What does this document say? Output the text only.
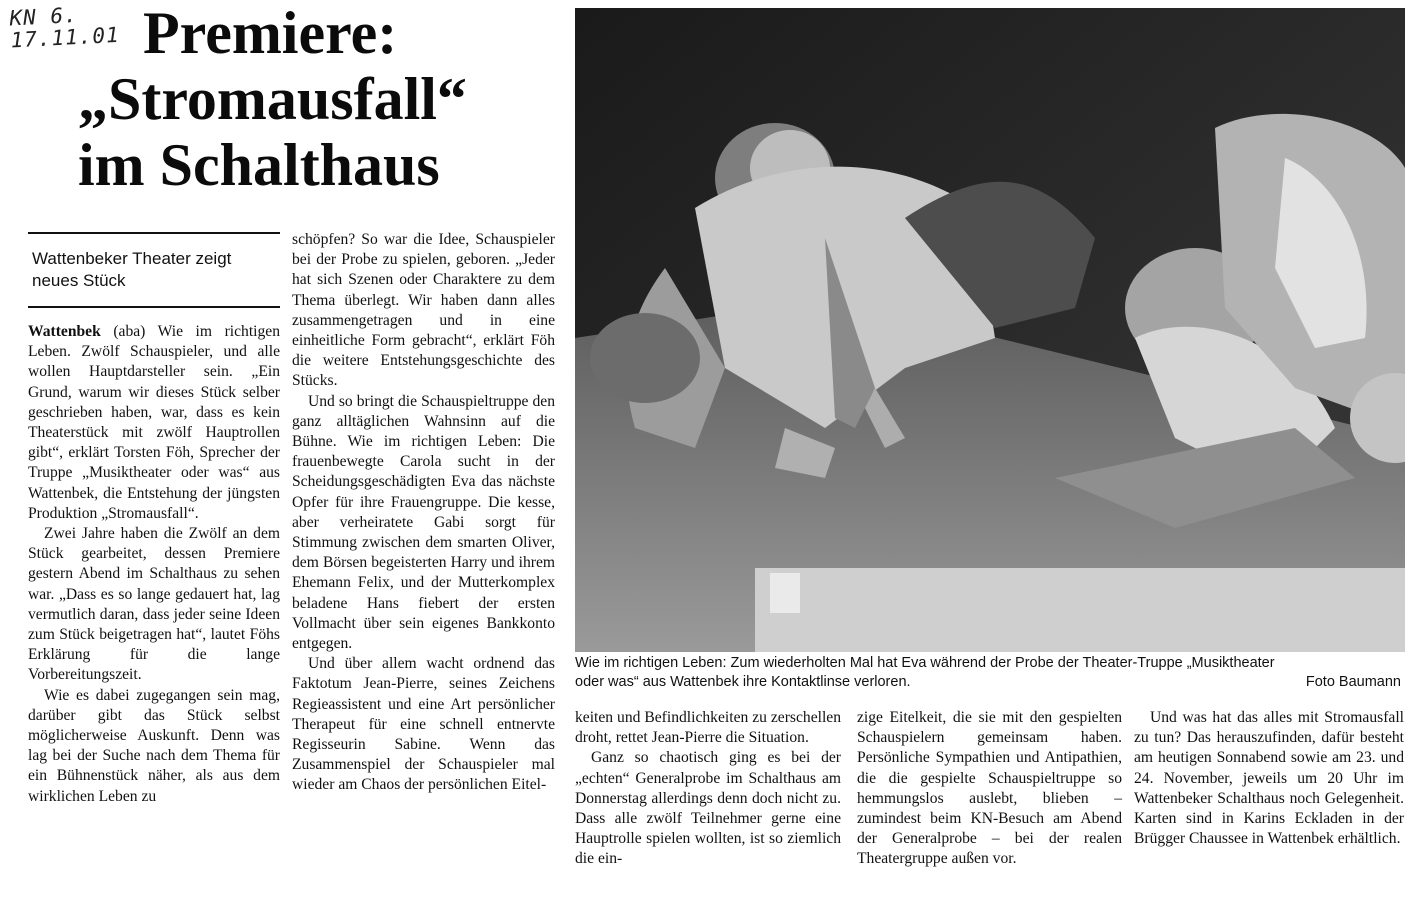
KN 6.
17.11.01 Premiere:
„Stromausfall“
im Schalthaus
Wattenbeker Theater zeigt neues Stück

Wattenbek (aba) Wie im richtigen Leben. Zwölf Schauspieler, und alle wollen Hauptdarsteller sein. „Ein Grund, warum wir dieses Stück selber geschrieben haben, war, dass es kein Theaterstück mit zwölf Hauptrollen gibt“, erklärt Torsten Föh, Sprecher der Truppe „Musiktheater oder was“ aus Wattenbek, die Entstehung der jüngsten Produktion „Stromausfall“.

Zwei Jahre haben die Zwölf an dem Stück gearbeitet, dessen Premiere gestern Abend im Schalthaus zu sehen war. „Dass es so lange gedauert hat, lag vermutlich daran, dass jeder seine Ideen zum Stück beigetragen hat“, lautet Föhs Erklärung für die lange Vorbereitungszeit.

Wie es dabei zugegangen sein mag, darüber gibt das Stück selbst möglicherweise Auskunft. Denn was lag bei der Suche nach dem Thema für ein Bühnenstück näher, als aus dem wirklichen Leben zu

schöpfen? So war die Idee, Schauspieler bei der Probe zu spielen, geboren. „Jeder hat sich Szenen oder Charaktere zu dem Thema überlegt. Wir haben dann alles zusammengetragen und in eine einheitliche Form gebracht“, erklärt Föh die weitere Entstehungsgeschichte des Stücks.

Und so bringt die Schauspieltruppe den ganz alltäglichen Wahnsinn auf die Bühne. Wie im richtigen Leben: Die frauenbewegte Carola sucht in der Scheidungsgeschädigten Eva das nächste Opfer für ihre Frauengruppe. Die kesse, aber verheiratete Gabi sorgt für Stimmung zwischen dem smarten Oliver, dem Börsen begeisterten Harry und ihrem Ehemann Felix, und der Mutterkomplex beladene Hans fiebert der ersten Vollmacht über sein eigenes Bankkonto entgegen.

Und über allem wacht ordnend das Faktotum Jean-Pierre, seines Zeichens Regieassistent und eine Art persönlicher Therapeut für eine schnell entnervte Regisseurin Sabine. Wenn das Zusammenspiel der Schauspieler mal wieder am Chaos der persönlichen Eitel-

Wie im richtigen Leben: Zum wiederholten Mal hat Eva während der Probe der Theater-Truppe „Musiktheater oder was“ aus Wattenbek ihre Kontaktlinse verloren.	Foto Baumann

keiten und Befindlichkeiten zu zerschellen droht, rettet Jean-Pierre die Situation.

Ganz so chaotisch ging es bei der „echten“ Generalprobe im Schalthaus am Donnerstag allerdings denn doch nicht zu. Dass alle zwölf Teilnehmer gerne eine Hauptrolle spielen wollten, ist so ziemlich die ein-

zige Eitelkeit, die sie mit den gespielten Schauspielern gemeinsam haben. Persönliche Sympathien und Antipathien, die die gespielte Schauspieltruppe so hemmungslos auslebt, blieben – zumindest beim KN-Besuch am Abend der Generalprobe – bei der realen Theatergruppe außen vor.

Und was hat das alles mit Stromausfall zu tun? Das herauszufinden, dafür besteht am heutigen Sonnabend sowie am 23. und 24. November, jeweils um 20 Uhr im Wattenbeker Schalthaus noch Gelegenheit. Karten sind in Karins Eckladen in der Brügger Chaussee in Wattenbek erhältlich.
